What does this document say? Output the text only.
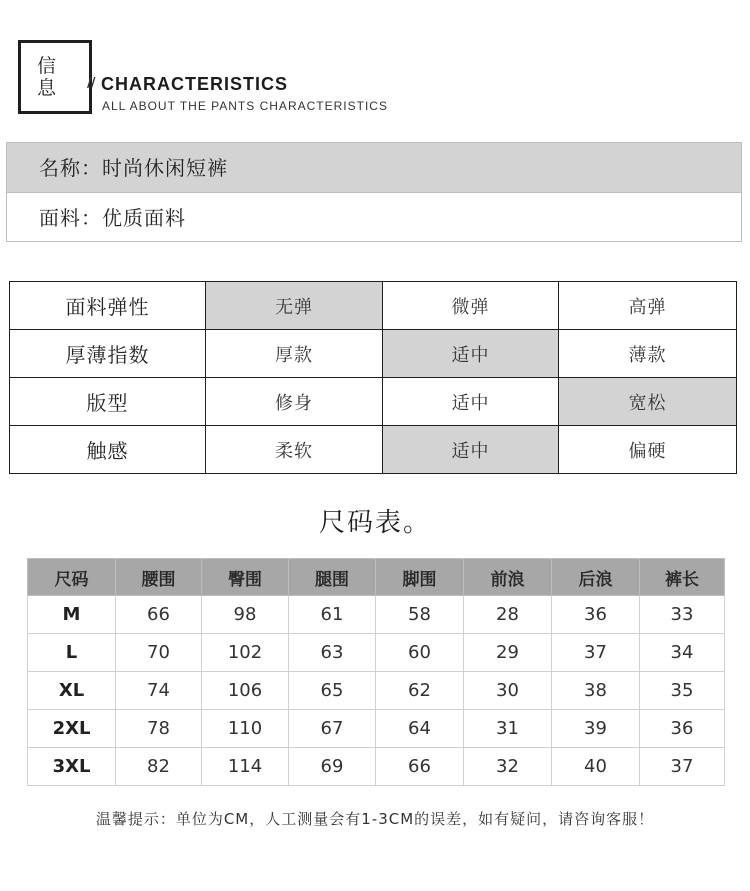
信
息	// CHARACTERISTICS
ALL ABOUT THE PANTS CHARACTERISTICS
名称：时尚休闲短裤
面料：优质面料
面料弹性	无弹	微弹	高弹
厚薄指数	厚款	适中	薄款
版型	修身	适中	宽松
触感	柔软	适中	偏硬
尺码表。
尺码	腰围	臀围	腿围	脚围	前浪	后浪	裤长
M	66	98	61	58	28	36	33
L	70	102	63	60	29	37	34
XL	74	106	65	62	30	38	35
2XL	78	110	67	64	31	39	36
3XL	82	114	69	66	32	40	37
温馨提示：单位为CM，人工测量会有1-3CM的误差，如有疑问，请咨询客服！
